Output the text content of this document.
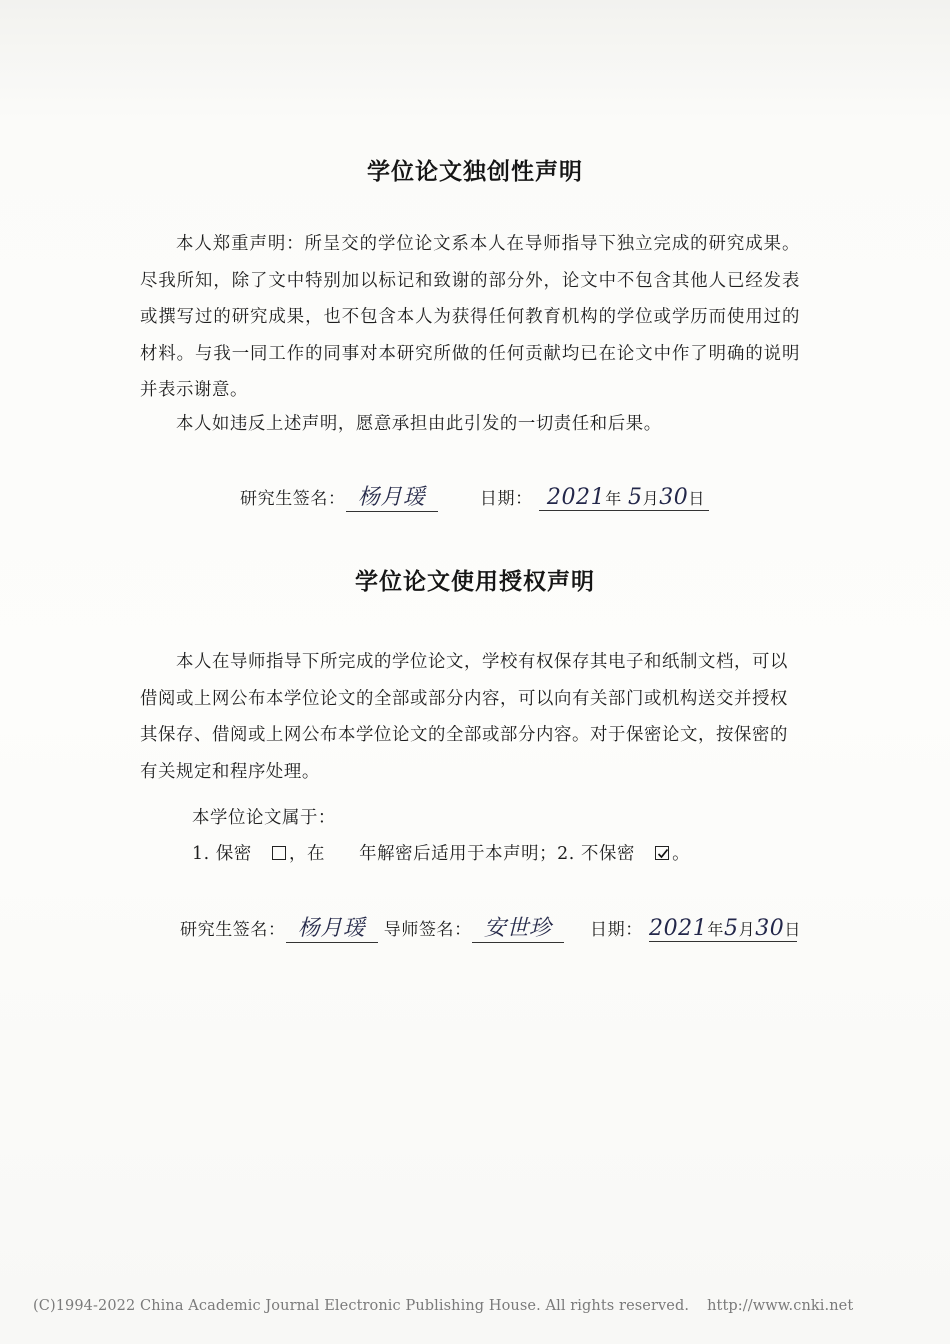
学位论文独创性声明
本人郑重声明：所呈交的学位论文系本人在导师指导下独立完成的研究成果。尽我所知，除了文中特别加以标记和致谢的部分外，论文中不包含其他人已经发表或撰写过的研究成果，也不包含本人为获得任何教育机构的学位或学历而使用过的材料。与我一同工作的同事对本研究所做的任何贡献均已在论文中作了明确的说明并表示谢意。
本人如违反上述声明，愿意承担由此引发的一切责任和后果。
研究生签名： 杨月瑗	日期： 2021年 5月30日
学位论文使用授权声明
本人在导师指导下所完成的学位论文，学校有权保存其电子和纸制文档，可以借阅或上网公布本学位论文的全部或部分内容，可以向有关部门或机构送交并授权其保存、借阅或上网公布本学位论文的全部或部分内容。对于保密论文，按保密的有关规定和程序处理。
本学位论文属于：
1. 保密 ，在 年解密后适用于本声明；2. 不保密 。
研究生签名： 杨月瑗 导师签名： 安世珍 日期： 2021年5月30日
(C)1994-2022 China Academic Journal Electronic Publishing House. All rights reserved. http://www.cnki.net
